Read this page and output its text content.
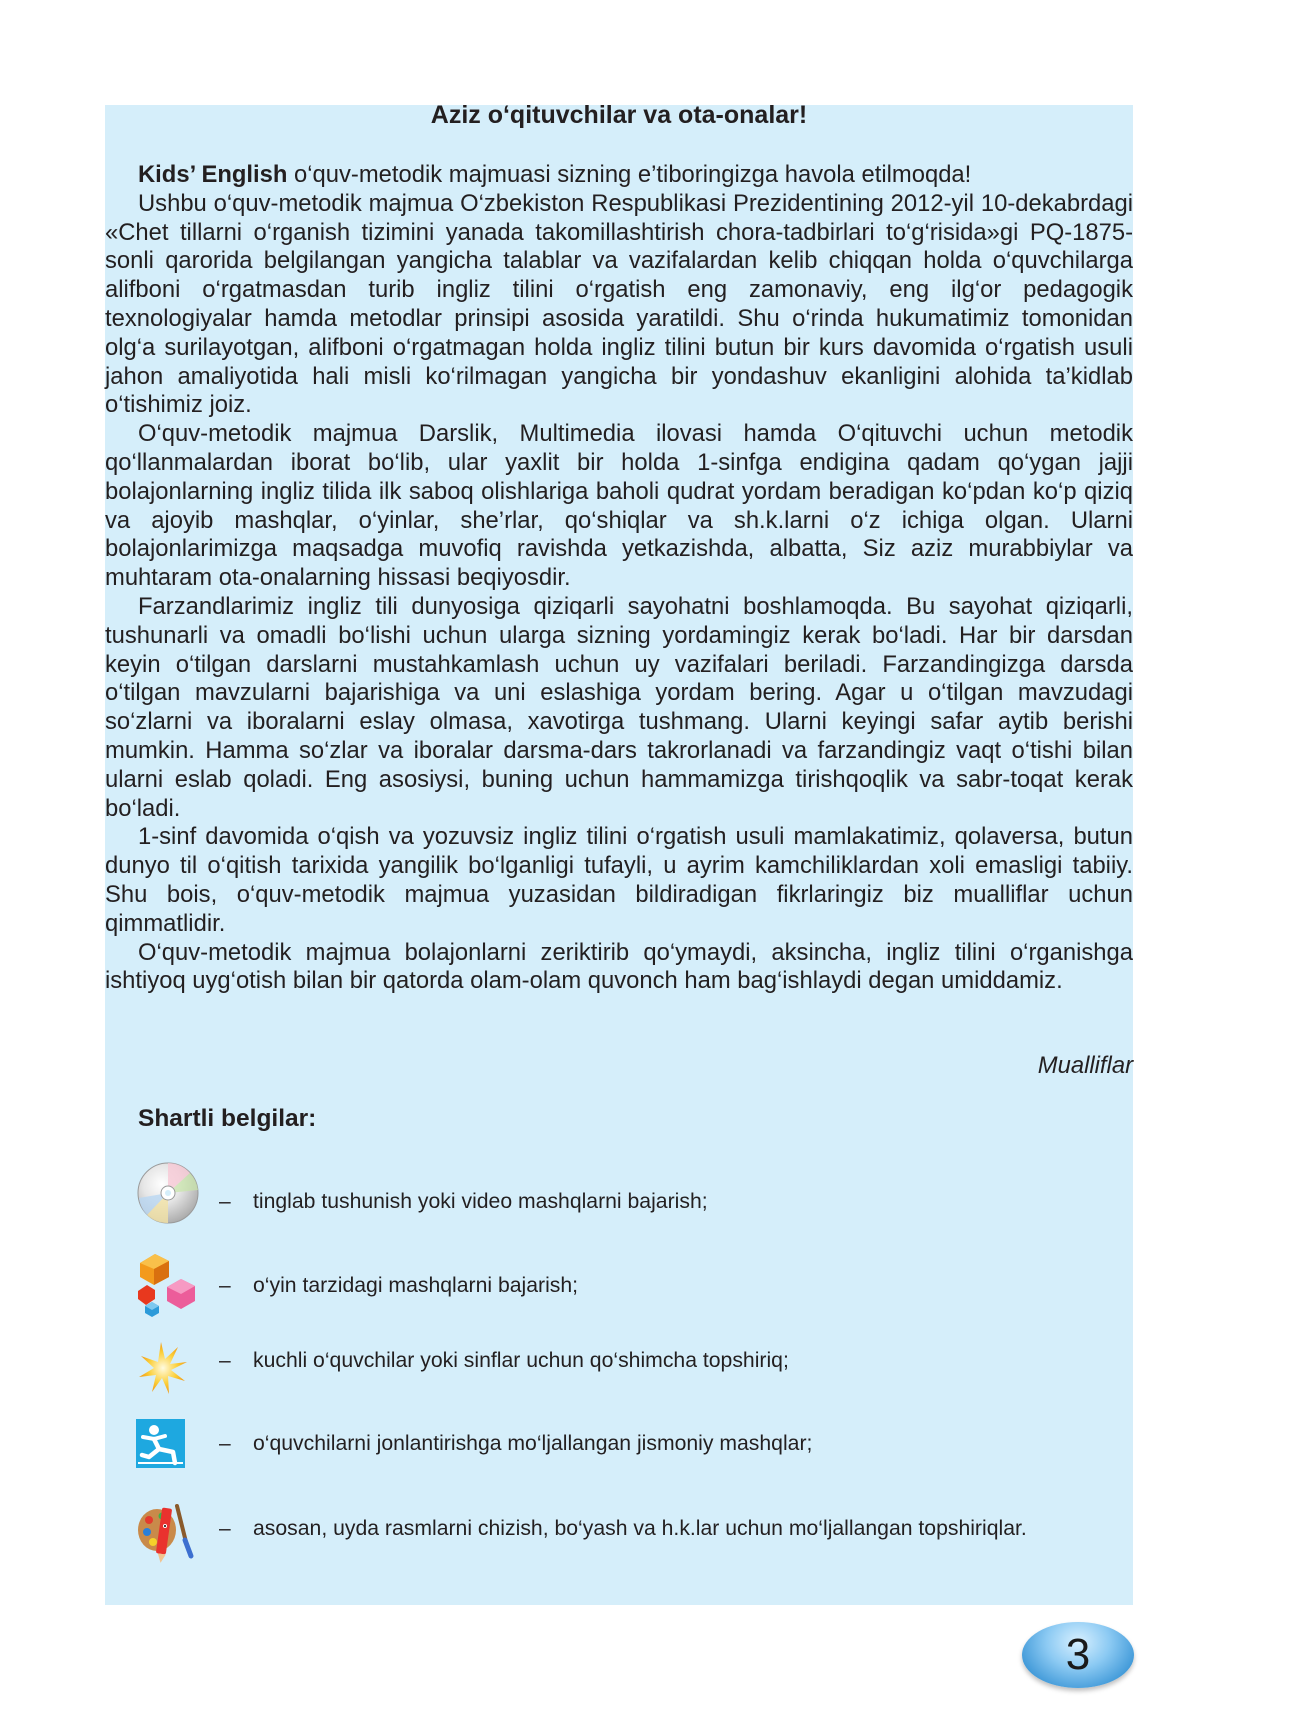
Aziz o‘qituvchilar va ota-onalar!

Kids’ English o‘quv-metodik majmuasi sizning e’tiboringizga havola etilmoqda!

Ushbu o‘quv-metodik majmua O‘zbekiston Respublikasi Prezidentining 2012-yil 10-dekabrdagi «Chet tillarni o‘rganish tizimini yanada takomillashtirish chora-tadbirlari to‘g‘risida»gi PQ-1875-sonli qarorida belgilangan yangicha talablar va vazifalardan kelib chiqqan holda o‘quvchilarga alifboni o‘rgatmasdan turib ingliz tilini o‘rgatish eng zamonaviy, eng ilg‘or pedagogik texnologiyalar hamda metodlar prinsipi asosida yaratildi. Shu o‘rinda hukumatimiz tomonidan olg‘a surilayotgan, alifboni o‘rgatmagan holda ingliz tilini butun bir kurs davomida o‘rgatish usuli jahon amaliyotida hali misli ko‘rilmagan yangicha bir yondashuv ekanligini alohida ta’kidlab o‘tishimiz joiz.

O‘quv-metodik majmua Darslik, Multimedia ilovasi hamda O‘qituvchi uchun metodik qo‘llanmalardan iborat bo‘lib, ular yaxlit bir holda 1-sinfga endigina qadam qo‘ygan jajji bolajonlarning ingliz tilida ilk saboq olishlariga baholi qudrat yordam beradigan ko‘pdan ko‘p qiziq va ajoyib mashqlar, o‘yinlar, she’rlar, qo‘shiqlar va sh.k.larni o‘z ichiga olgan. Ularni bolajonlarimizga maqsadga muvofiq ravishda yetkazishda, albatta, Siz aziz murabbiylar va muhtaram ota-onalarning hissasi beqiyosdir.

Farzandlarimiz ingliz tili dunyosiga qiziqarli sayohatni boshlamoqda. Bu sayohat qiziqarli, tushunarli va omadli bo‘lishi uchun ularga sizning yordamingiz kerak bo‘ladi. Har bir darsdan keyin o‘tilgan darslarni mustahkamlash uchun uy vazifalari beriladi. Farzandingizga darsda o‘tilgan mavzularni bajarishiga va uni eslashiga yordam bering. Agar u o‘tilgan mavzudagi so‘zlarni va iboralarni eslay olmasa, xavotirga tushmang. Ularni keyingi safar aytib berishi mumkin. Hamma so‘zlar va iboralar darsma-dars takrorlanadi va farzandingiz vaqt o‘tishi bilan ularni eslab qoladi. Eng asosiysi, buning uchun hammamizga tirishqoqlik va sabr-toqat kerak bo‘ladi.

1-sinf davomida o‘qish va yozuvsiz ingliz tilini o‘rgatish usuli mamlakatimiz, qolaversa, butun dunyo til o‘qitish tarixida yangilik bo‘lganligi tufayli, u ayrim kamchiliklardan xoli emasligi tabiiy. Shu bois, o‘quv-metodik majmua yuzasidan bildiradigan fikrlaringiz biz mualliflar uchun qimmatlidir.

O‘quv-metodik majmua bolajonlarni zeriktirib qo‘ymaydi, aksincha, ingliz tilini o‘rganishga ishtiyoq uyg‘otish bilan bir qatorda olam-olam quvonch ham bag‘ishlaydi degan umiddamiz.

Mualliflar
Shartli belgilar:
– tinglab tushunish yoki video mashqlarni bajarish;
– o‘yin tarzidagi mashqlarni bajarish;
– kuchli o‘quvchilar yoki sinflar uchun qo‘shimcha topshiriq;
– o‘quvchilarni jonlantirishga mo‘ljallangan jismoniy mashqlar;
– asosan, uyda rasmlarni chizish, bo‘yash va h.k.lar uchun mo‘ljallangan topshiriqlar.
3
